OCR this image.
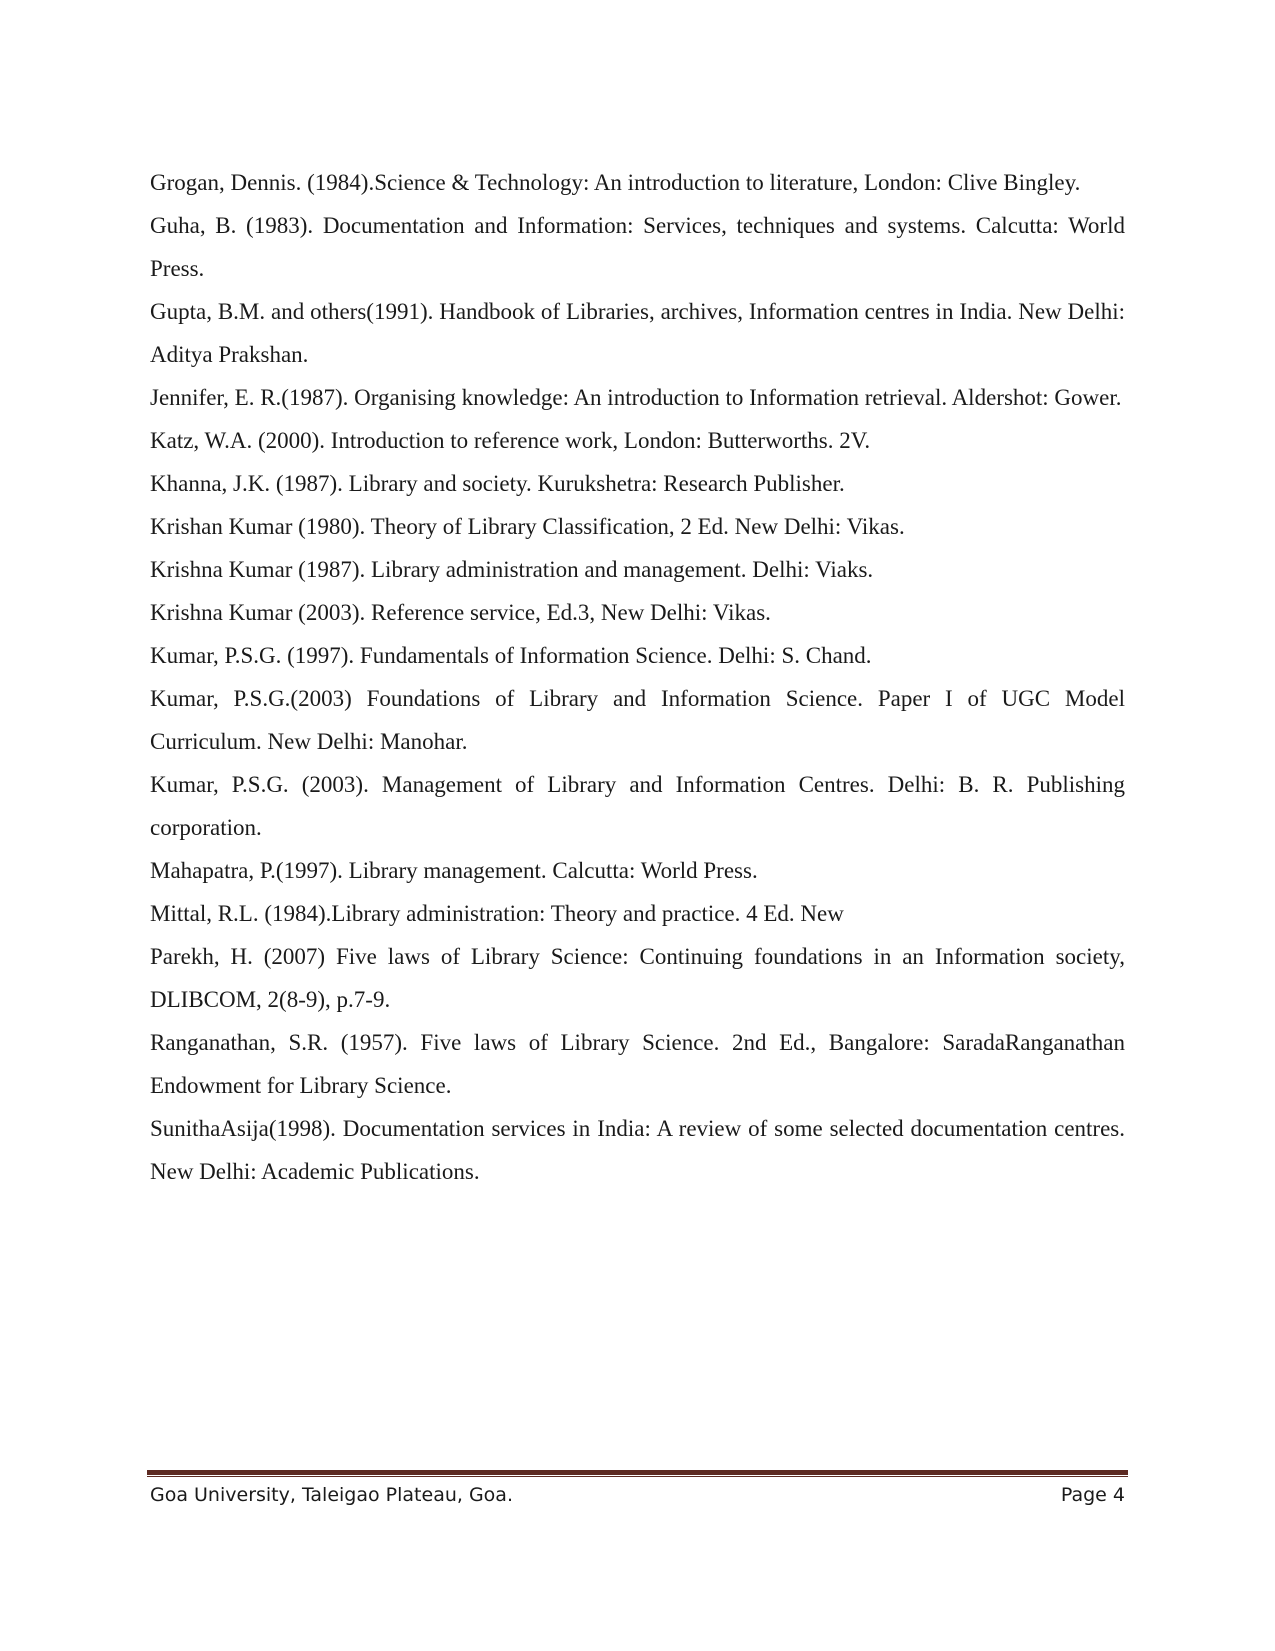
Grogan, Dennis. (1984).Science & Technology: An introduction to literature, London: Clive Bingley.

Guha, B. (1983). Documentation and Information: Services, techniques and systems. Calcutta: World Press.

Gupta, B.M. and others(1991). Handbook of Libraries, archives, Information centres in India. New Delhi: Aditya Prakshan.

Jennifer, E. R.(1987). Organising knowledge: An introduction to Information retrieval. Aldershot: Gower.

Katz, W.A. (2000). Introduction to reference work, London: Butterworths. 2V.

Khanna, J.K. (1987). Library and society. Kurukshetra: Research Publisher.

Krishan Kumar (1980). Theory of Library Classification, 2 Ed. New Delhi: Vikas.

Krishna Kumar (1987). Library administration and management. Delhi: Viaks.

Krishna Kumar (2003). Reference service, Ed.3, New Delhi: Vikas.

Kumar, P.S.G. (1997). Fundamentals of Information Science. Delhi: S. Chand.

Kumar, P.S.G.(2003) Foundations of Library and Information Science. Paper I of UGC Model Curriculum. New Delhi: Manohar.

Kumar, P.S.G. (2003). Management of Library and Information Centres. Delhi: B. R. Publishing corporation.

Mahapatra, P.(1997). Library management. Calcutta: World Press.

Mittal, R.L. (1984).Library administration: Theory and practice. 4 Ed. New

Parekh, H. (2007) Five laws of Library Science: Continuing foundations in an Information society, DLIBCOM, 2(8-9), p.7-9.

Ranganathan, S.R. (1957). Five laws of Library Science. 2nd Ed., Bangalore: SaradaRanganathan Endowment for Library Science.

SunithaAsija(1998). Documentation services in India: A review of some selected documentation centres. New Delhi: Academic Publications.

Goa University, Taleigao Plateau, Goa.	Page 4
